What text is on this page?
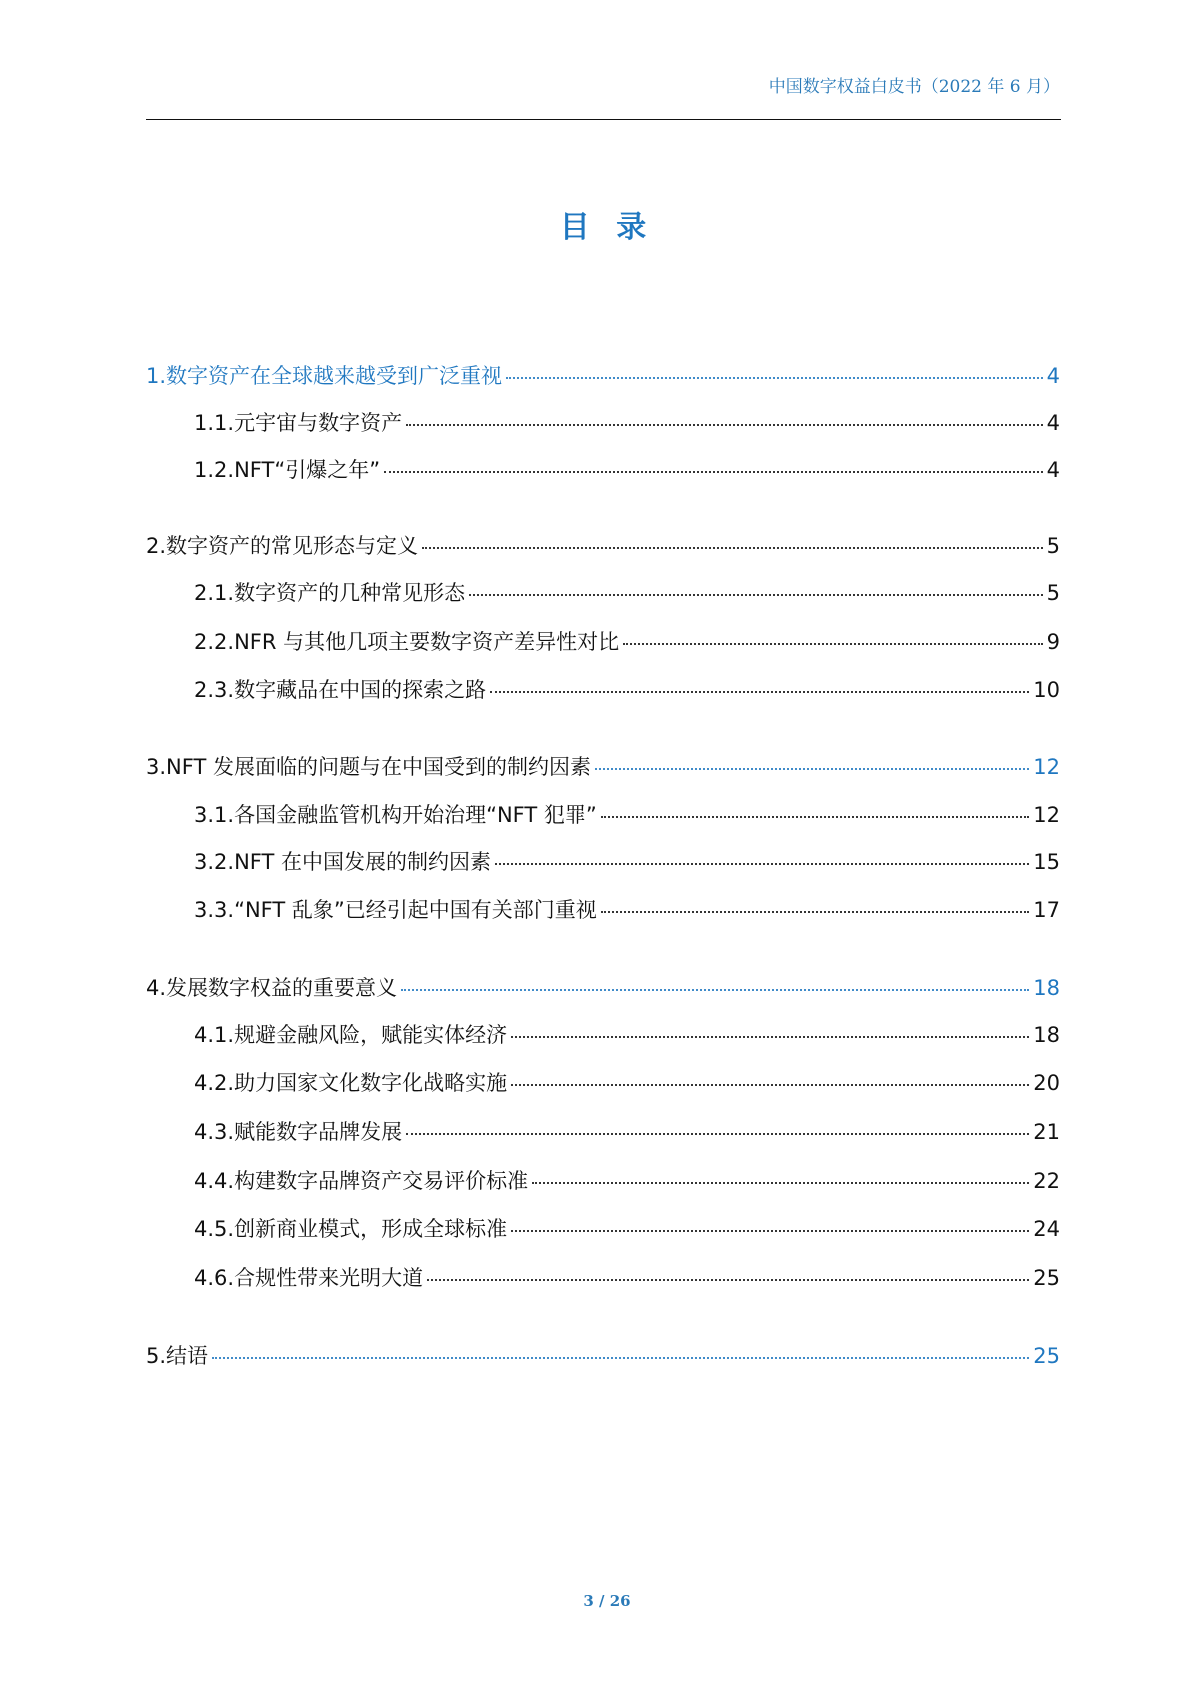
中国数字权益白皮书（2022 年 6 月）
目 录
1.数字资产在全球越来越受到广泛重视	4
1.1.元宇宙与数字资产	4
1.2.NFT“引爆之年”	4
2.数字资产的常见形态与定义	5
2.1.数字资产的几种常见形态	5
2.2.NFR 与其他几项主要数字资产差异性对比	9
2.3.数字藏品在中国的探索之路	10
3.NFT 发展面临的问题与在中国受到的制约因素	12
3.1.各国金融监管机构开始治理“NFT 犯罪”	12
3.2.NFT 在中国发展的制约因素	15
3.3.“NFT 乱象”已经引起中国有关部门重视	17
4.发展数字权益的重要意义	18
4.1.规避金融风险，赋能实体经济	18
4.2.助力国家文化数字化战略实施	20
4.3.赋能数字品牌发展	21
4.4.构建数字品牌资产交易评价标准	22
4.5.创新商业模式，形成全球标准	24
4.6.合规性带来光明大道	25
5.结语	25
3 / 26
